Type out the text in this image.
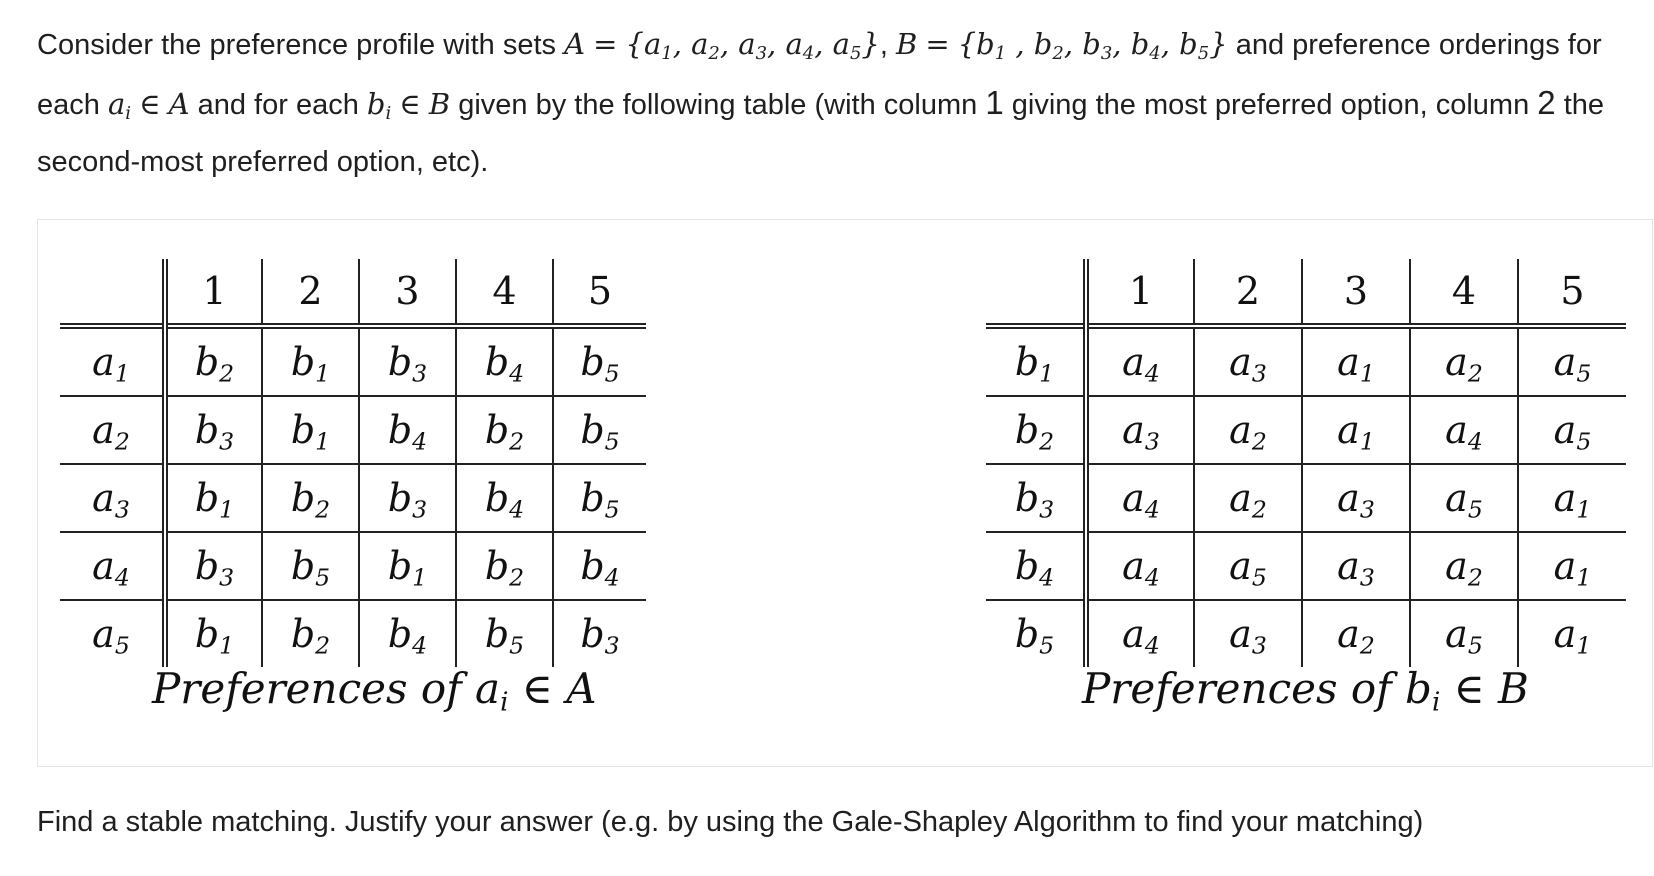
Consider the preference profile with sets $A = \{a_1$, $a_2$, $a_3$, $a_4$, $a_5$}, $B = \{b_1$ , $b_2$, $b_3$, $b_4$, $b_5$} and preference orderings for each $a_i$ ∈ A and for each $b_i$ ∈ B given by the following table (with column 1 giving the most preferred option, column 2 the second-most preferred option, etc).
	1	2	3	4	5
$a_1$	$b_2$	$b_1$	$b_3$	$b_4$	$b_5$
$a_2$	$b_3$	$b_1$	$b_4$	$b_2$	$b_5$
$a_3$	$b_1$	$b_2$	$b_3$	$b_4$	$b_5$
$a_4$	$b_3$	$b_5$	$b_1$	$b_2$	$b_4$
$a_5$	$b_1$	$b_2$	$b_4$	$b_5$	$b_3$
Preferences of $a_i$ ∈ A
	1	2	3	4	5
$b_1$	$a_4$	$a_3$	$a_1$	$a_2$	$a_5$
$b_2$	$a_3$	$a_2$	$a_1$	$a_4$	$a_5$
$b_3$	$a_4$	$a_2$	$a_3$	$a_5$	$a_1$
$b_4$	$a_4$	$a_5$	$a_3$	$a_2$	$a_1$
$b_5$	$a_4$	$a_3$	$a_2$	$a_5$	$a_1$
Preferences of $b_i$ ∈ B

Find a stable matching. Justify your answer (e.g. by using the Gale-Shapley Algorithm to find your matching)
